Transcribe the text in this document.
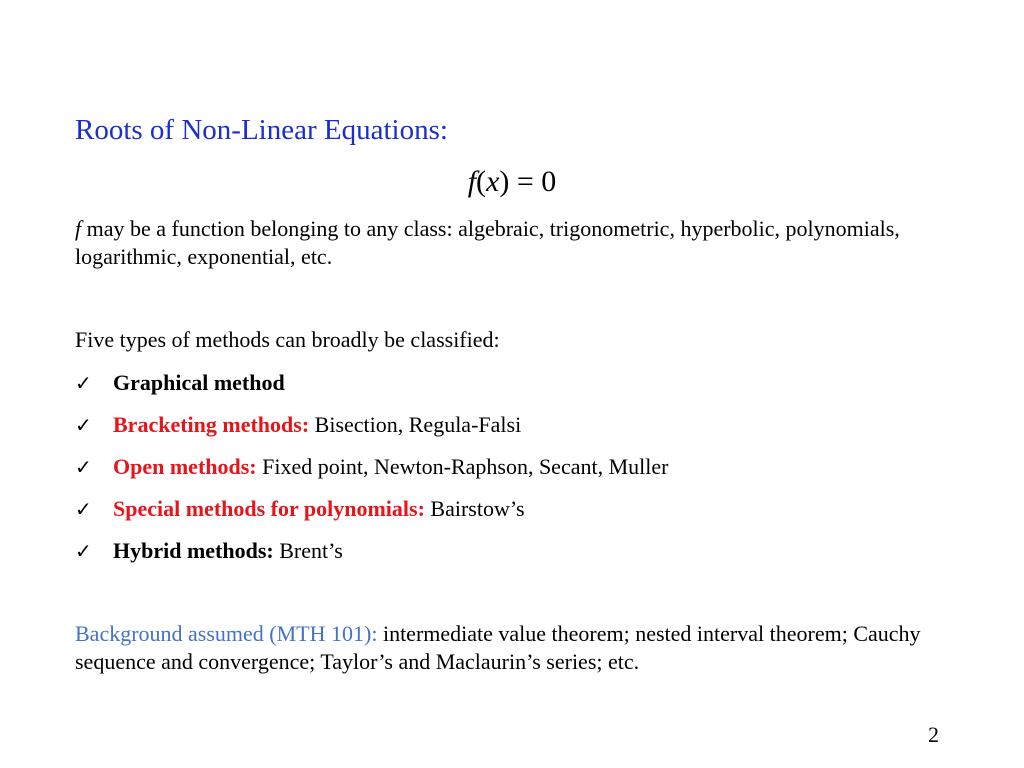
Roots of Non-Linear Equations:
f(x) = 0
f may be a function belonging to any class: algebraic, trigonometric, hyperbolic, polynomials, logarithmic, exponential, etc.
Five types of methods can broadly be classified:
✓ Graphical method
✓ Bracketing methods: Bisection, Regula-Falsi
✓ Open methods: Fixed point, Newton-Raphson, Secant, Muller
✓ Special methods for polynomials: Bairstow’s
✓ Hybrid methods: Brent’s
Background assumed (MTH 101): intermediate value theorem; nested interval theorem; Cauchy sequence and convergence; Taylor’s and Maclaurin’s series; etc.
2
